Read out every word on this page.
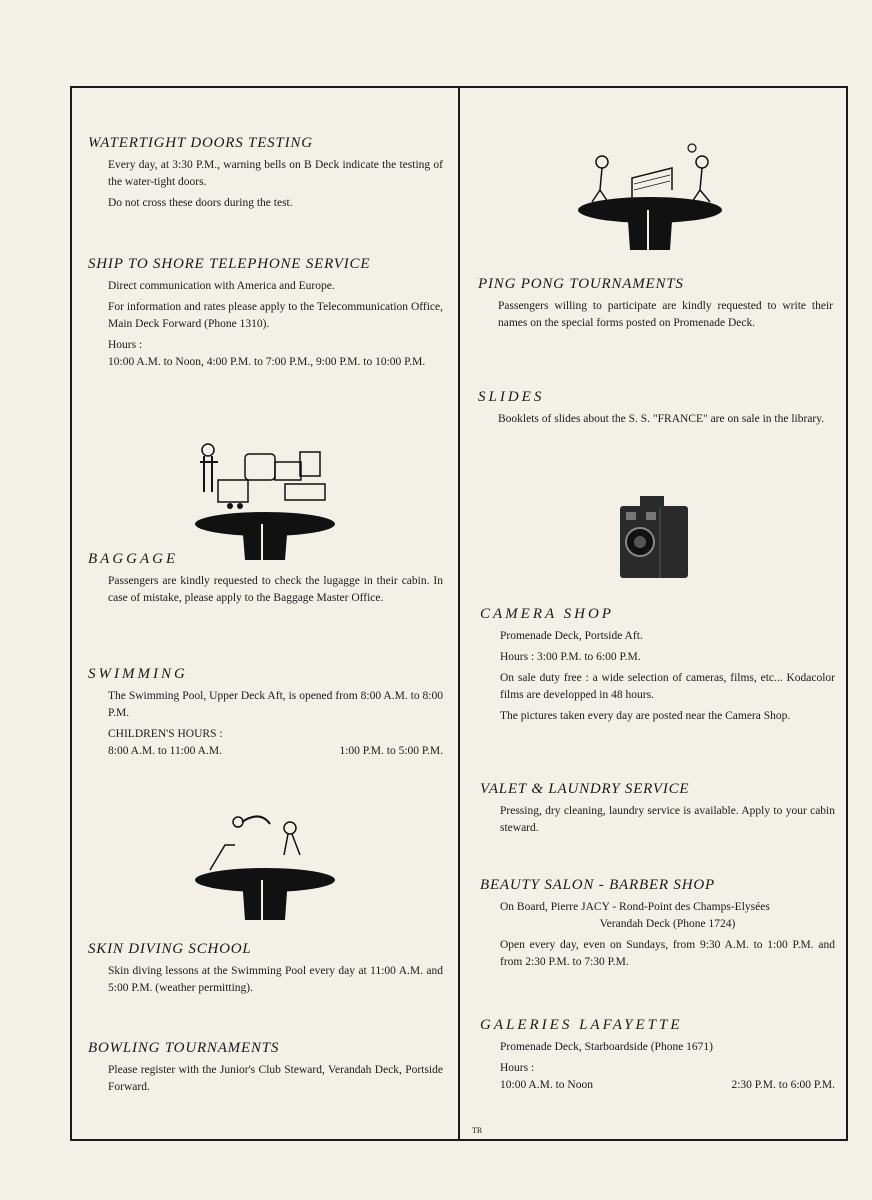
WATERTIGHT DOORS TESTING

Every day, at 3:30 P.M., warning bells on B Deck indicate the testing of the water-tight doors.

Do not cross these doors during the test.

SHIP TO SHORE TELEPHONE SERVICE

Direct communication with America and Europe.

For information and rates please apply to the Telecommunication Office, Main Deck Forward (Phone 1310).

Hours :

10:00 A.M. to Noon, 4:00 P.M. to 7:00 P.M., 9:00 P.M. to 10:00 P.M.

BAGGAGE

Passengers are kindly requested to check the lugagge in their cabin. In case of mistake, please apply to the Baggage Master Office.

SWIMMING

The Swimming Pool, Upper Deck Aft, is opened from 8:00 A.M. to 8:00 P.M.

CHILDREN'S HOURS :

8:00 A.M. to 11:00 A.M.	1:00 P.M. to 5:00 P.M.
SKIN DIVING SCHOOL

Skin diving lessons at the Swimming Pool every day at 11:00 A.M. and 5:00 P.M. (weather permitting).

BOWLING TOURNAMENTS

Please register with the Junior's Club Steward, Verandah Deck, Portside Forward.

PING PONG TOURNAMENTS

Passengers willing to participate are kindly requested to write their names on the special forms posted on Promenade Deck.

SLIDES

Booklets of slides about the S. S. "FRANCE" are on sale in the library.

CAMERA SHOP

Promenade Deck, Portside Aft.

Hours : 3:00 P.M. to 6:00 P.M.

On sale duty free : a wide selection of cameras, films, etc... Kodacolor films are developped in 48 hours.

The pictures taken every day are posted near the Camera Shop.

VALET & LAUNDRY SERVICE

Pressing, dry cleaning, laundry service is available. Apply to your cabin steward.

BEAUTY SALON - BARBER SHOP

On Board, Pierre JACY - Rond-Point des Champs-Elysées

Verandah Deck (Phone 1724)

Open every day, even on Sundays, from 9:30 A.M. to 1:00 P.M. and from 2:30 P.M. to 7:30 P.M.

GALERIES LAFAYETTE

Promenade Deck, Starboardside (Phone 1671)

Hours :

10:00 A.M. to Noon	2:30 P.M. to 6:00 P.M.
TR
